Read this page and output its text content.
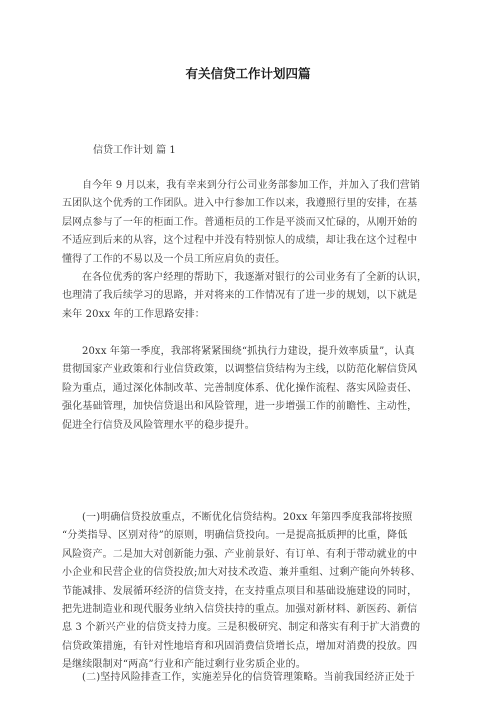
有关信贷工作计划四篇
信贷工作计划 篇 1
自今年 9 月以来，我有幸来到分行公司业务部参加工作，并加入了我们营销
五团队这个优秀的工作团队。进入中行参加工作以来，我遵照行里的安排，在基
层网点参与了一年的柜面工作。普通柜员的工作是平淡而又忙碌的，从刚开始的
不适应到后来的从容，这个过程中并没有特别惊人的成绩，却让我在这个过程中
懂得了工作的不易以及一个员工所应肩负的责任。
在各位优秀的客户经理的帮助下，我逐渐对银行的公司业务有了全新的认识，
也理清了我后续学习的思路，并对将来的工作情况有了进一步的规划，以下就是
来年 20xx 年的工作思路安排：
20xx 年第一季度，我部将紧紧围绕“抓执行力建设，提升效率质量”，认真
贯彻国家产业政策和行业信贷政策，以调整信贷结构为主线，以防范化解信贷风
险为重点，通过深化体制改革、完善制度体系、优化操作流程、落实风险责任、
强化基础管理，加快信贷退出和风险管理，进一步增强工作的前瞻性、主动性，
促进全行信贷及风险管理水平的稳步提升。
(一)明确信贷投放重点，不断优化信贷结构。20xx 年第四季度我部将按照
“分类指导、区别对待”的原则，明确信贷投向。一是提高抵质押的比重，降低
风险资产。二是加大对创新能力强、产业前景好、有订单、有利于带动就业的中
小企业和民营企业的信贷投放;加大对技术改造、兼并重组、过剩产能向外转移、
节能减排、发展循环经济的信贷支持，在支持重点项目和基础设施建设的同时，
把先进制造业和现代服务业纳入信贷扶持的重点。加强对新材料、新医药、新信
息 3 个新兴产业的信贷支持力度。三是积极研究、制定和落实有利于扩大消费的
信贷政策措施，有针对性地培育和巩固消费信贷增长点，增加对消费的投放。四
是继续限制对“两高”行业和产能过剩行业劣质企业的。
(二)坚持风险排查工作，实施差异化的信贷管理策略。当前我国经济正处于
